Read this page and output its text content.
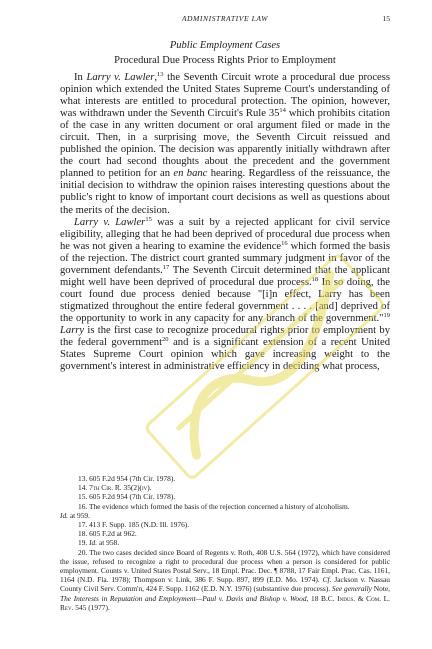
ADMINISTRATIVE LAW	15
Public Employment Cases
Procedural Due Process Rights Prior to Employment

In Larry v. Lawler,$^{13}$ the Seventh Circuit wrote a procedural due process opinion which extended the United States Supreme Court's understanding of what interests are entitled to procedural protection. The opinion, however, was withdrawn under the Seventh Circuit's Rule $35^{14}$ which prohibits citation of the case in any written document or oral argument filed or made in the circuit. Then, in a surprising move, the Seventh Circuit reissued and published the opinion. The decision was apparently initially withdrawn after the court had second thoughts about the precedent and the government planned to petition for an en banc hearing. Regardless of the reissuance, the initial decision to withdraw the opinion raises interesting questions about the public's right to know of important court decisions as well as questions about the merits of the decision.

Larry v. Lawler$^{15}$ was a suit by a rejected applicant for civil service eligibility, alleging that he had been deprived of procedural due process when he was not given a hearing to examine the evidence$^{16}$ which formed the basis of the rejection. The district court granted summary judgment in favor of the government defendants.$^{17}$ The Seventh Circuit determined that the applicant might well have been deprived of procedural due process.$^{18}$ In so doing, the court found due process denied because "[i]n effect, Larry has been stigmatized throughout the entire federal government . . . . [and] deprived of the opportunity to work in any capacity for any branch of the government."$^{19}$ Larry is the first case to recognize procedural rights prior to employment by the federal government$^{20}$ and is a significant extension of a recent United States Supreme Court opinion which gave increasing weight to the government's interest in administrative efficiency in deciding what process,

13. 605 F.2d 954 (7th Cir. 1978).

14. 7th Cir. R. 35(2)(iv).

15. 605 F.2d 954 (7th Cir. 1978).

16. The evidence which formed the basis of the rejection concerned a history of alcoholism.
Id. at 959.

17. 413 F. Supp. 185 (N.D. Ill. 1976).

18. 605 F.2d at 962.

19. Id. at 958.

20. The two cases decided since Board of Regents v. Roth, 408 U.S. 564 (1972), which have considered the issue, refused to recognize a right to procedural due process when a person is considered for public employment. Counts v. United States Postal Serv., 18 Empl. Prac. Dec. ¶ 8788, 17 Fair Empl. Prac. Cas. 1161, 1164 (N.D. Fla. 1978); Thompson v. Link, 386 F. Supp. 897, 899 (E.D. Mo. 1974). Cf. Jackson v. Nassau County Civil Serv. Comm'n, 424 F. Supp. 1162 (E.D. N.Y. 1976) (substantive due process). See generally Note, The Interests in Reputation and Employment—Paul v. Davis and Bishop v. Wood, 18 B.C. Indus. & Com. L. Rev. 545 (1977).
